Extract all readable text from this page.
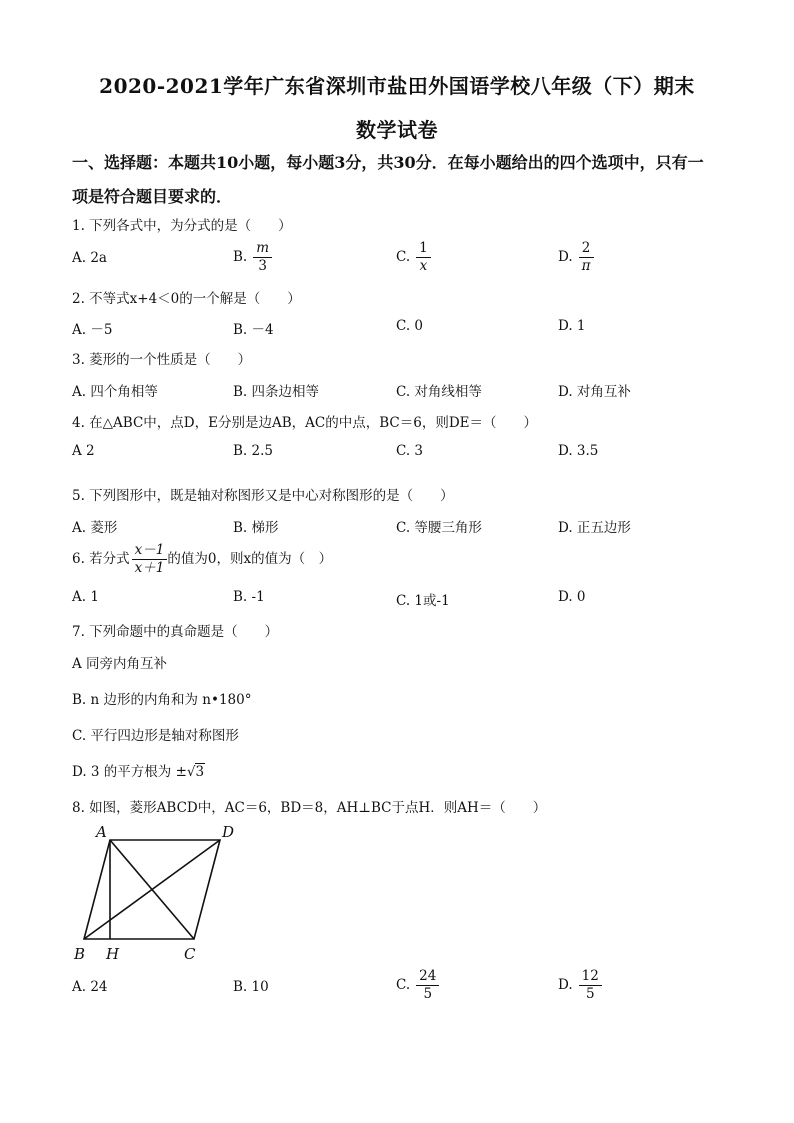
2020-2021学年广东省深圳市盐田外国语学校八年级（下）期末
数学试卷
一、选择题：本题共10小题，每小题3分，共30分．在每小题给出的四个选项中，只有一
项是符合题目要求的．
1. 下列各式中，为分式的是（　　）
A. 2a	B. $\frac{m}{3}$	C. $\frac{1}{x}$	D. $\frac{2}{\pi}$
2. 不等式x+4＜0的一个解是（　　）
A. －5	B. －4	C. 0	D. 1
3. 菱形的一个性质是（　　）
A. 四个角相等	B. 四条边相等	C. 对角线相等	D. 对角互补
4. 在△ABC中，点D，E分别是边AB，AC的中点，BC＝6，则DE＝（　　）
A 2	B. 2.5	C. 3	D. 3.5
5. 下列图形中，既是轴对称图形又是中心对称图形的是（　　）
A. 菱形	B. 梯形	C. 等腰三角形	D. 正五边形
6. 若分式 $\frac{x-1}{x+1}$ 的值为0，则x的值为（　）
A. 1	B. -1	C. 1或-1	D. 0
7. 下列命题中的真命题是（　　）
A 同旁内角互补
B. n 边形的内角和为 n•180°
C. 平行四边形是轴对称图形
D. 3 的平方根为 ±√3
8. 如图，菱形ABCD中，AC＝6，BD＝8，AH⊥BC于点H．则AH＝（　　）
A	D
B H	C
A. 24	B. 10	C. $\frac{24}{5}$	D. $\frac{12}{5}$
